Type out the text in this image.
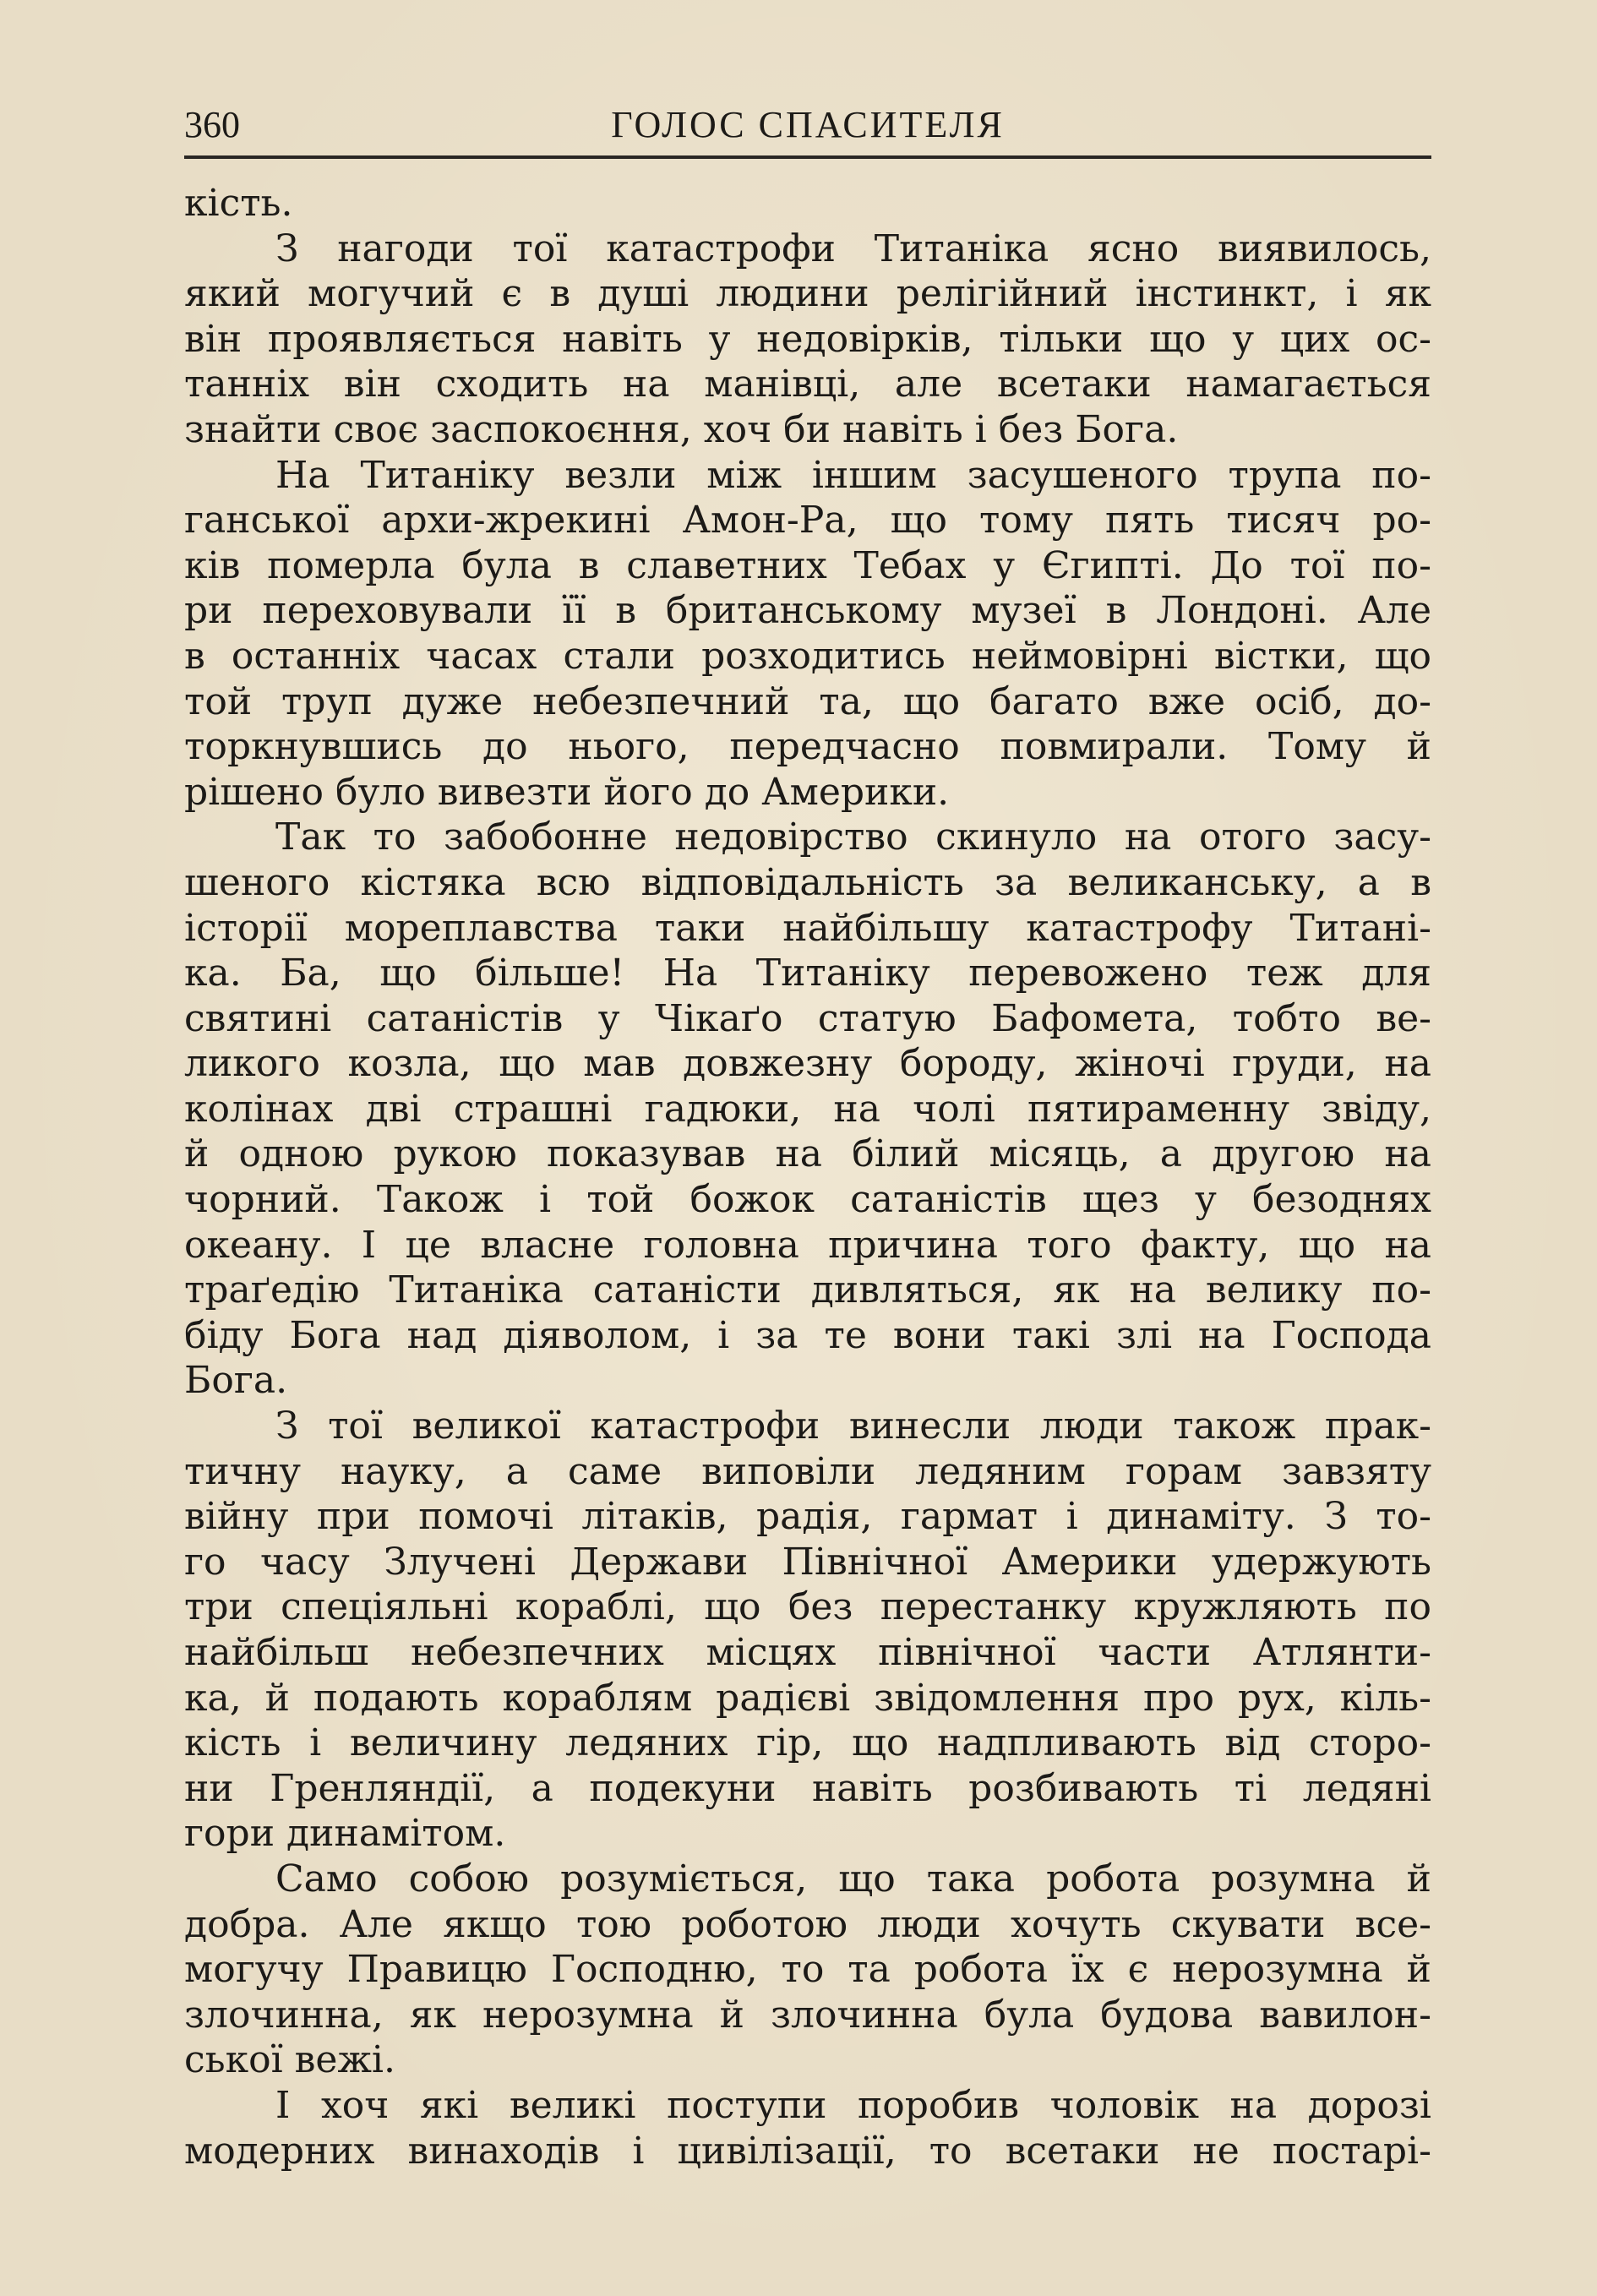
360	ГОЛОС СПАСИТЕЛЯ
кість.
З нагоди тої катастрофи Титаніка ясно виявилось,
який могучий є в душі людини релігійний інстинкт, і як
він проявляється навіть у недовірків, тільки що у цих ос-
танніх він сходить на манівці, але всетаки намагається
знайти своє заспокоєння, хоч би навіть і без Бога.
На Титаніку везли між іншим засушеного трупа по-
ганської архи-жрекині Амон-Ра, що тому пять тисяч ро-
ків померла була в славетних Тебах у Єгипті. До тої по-
ри переховували її в британському музеї в Лондоні. Але
в останніх часах стали розходитись неймовірні вістки, що
той труп дуже небезпечний та, що багато вже осіб, до-
торкнувшись до нього, передчасно повмирали. Тому й
рішено було вивезти його до Америки.
Так то забобонне недовірство скинуло на отого засу-
шеного кістяка всю відповідальність за великанську, а в
історії мореплавства таки найбільшу катастрофу Титані-
ка. Ба, що більше! На Титаніку перевожено теж для
святині сатаністів у Чікаґо статую Бафомета, тобто ве-
ликого козла, що мав довжезну бороду, жіночі груди, на
колінах дві страшні гадюки, на чолі пятираменну звіду,
й одною рукою показував на білий місяць, а другою на
чорний. Також і той божок сатаністів щез у безоднях
океану. І це власне головна причина того факту, що на
траґедію Титаніка сатаністи дивляться, як на велику по-
біду Бога над діяволом, і за те вони такі злі на Господа
Бога.
З тої великої катастрофи винесли люди також прак-
тичну науку, а саме виповіли ледяним горам завзяту
війну при помочі літаків, радія, гармат і динаміту. З то-
го часу Злучені Держави Північної Америки удержують
три спеціяльні кораблі, що без перестанку кружляють по
найбільш небезпечних місцях північної части Атлянти-
ка, й подають кораблям радієві звідомлення про рух, кіль-
кість і величину ледяних гір, що надпливають від сторо-
ни Гренляндії, а подекуни навіть розбивають ті ледяні
гори динамітом.
Само собою розуміється, що така робота розумна й
добра. Але якщо тою роботою люди хочуть скувати все-
могучу Правицю Господню, то та робота їх є нерозумна й
злочинна, як нерозумна й злочинна була будова вавилон-
ської вежі.
І хоч які великі поступи поробив чоловік на дорозі
модерних винаходів і цивілізації, то всетаки не постарі-
